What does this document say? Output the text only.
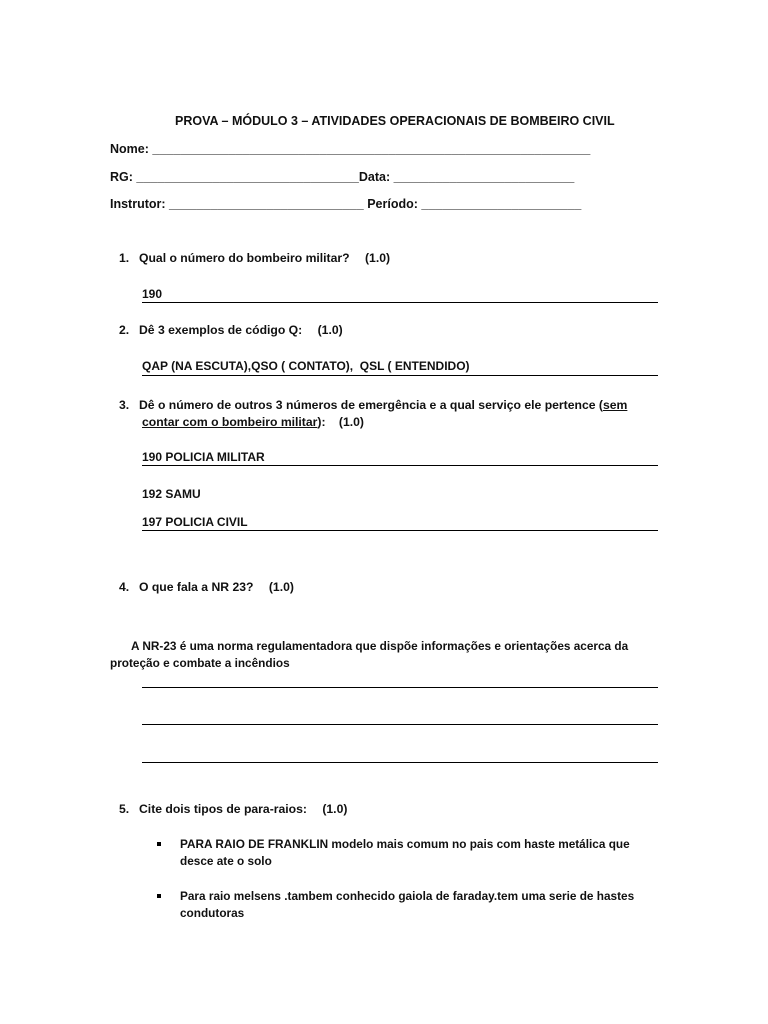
PROVA – MÓDULO 3 – ATIVIDADES OPERACIONAIS DE BOMBEIRO CIVIL
Nome: _______________________________________________________________
RG: ________________________________Data: __________________________
Instrutor: ____________________________ Período: _______________________
1. Qual o número do bombeiro militar? (1.0)
190
2. Dê 3 exemplos de código Q: (1.0)
QAP (NA ESCUTA),QSO ( CONTATO),  QSL ( ENTENDIDO)
3. Dê o número de outros 3 números de emergência e a qual serviço ele pertence (sem
contar com o bombeiro militar): (1.0)
190 POLICIA MILITAR
192 SAMU
197 POLICIA CIVIL
4. O que fala a NR 23? (1.0)
A NR-23 é uma norma regulamentadora que dispõe informações e orientações acerca da
proteção e combate a incêndios
5. Cite dois tipos de para-raios: (1.0)
PARA RAIO DE FRANKLIN modelo mais comum no pais com haste metálica que
desce ate o solo
Para raio melsens .tambem conhecido gaiola de faraday.tem uma serie de hastes
condutoras
